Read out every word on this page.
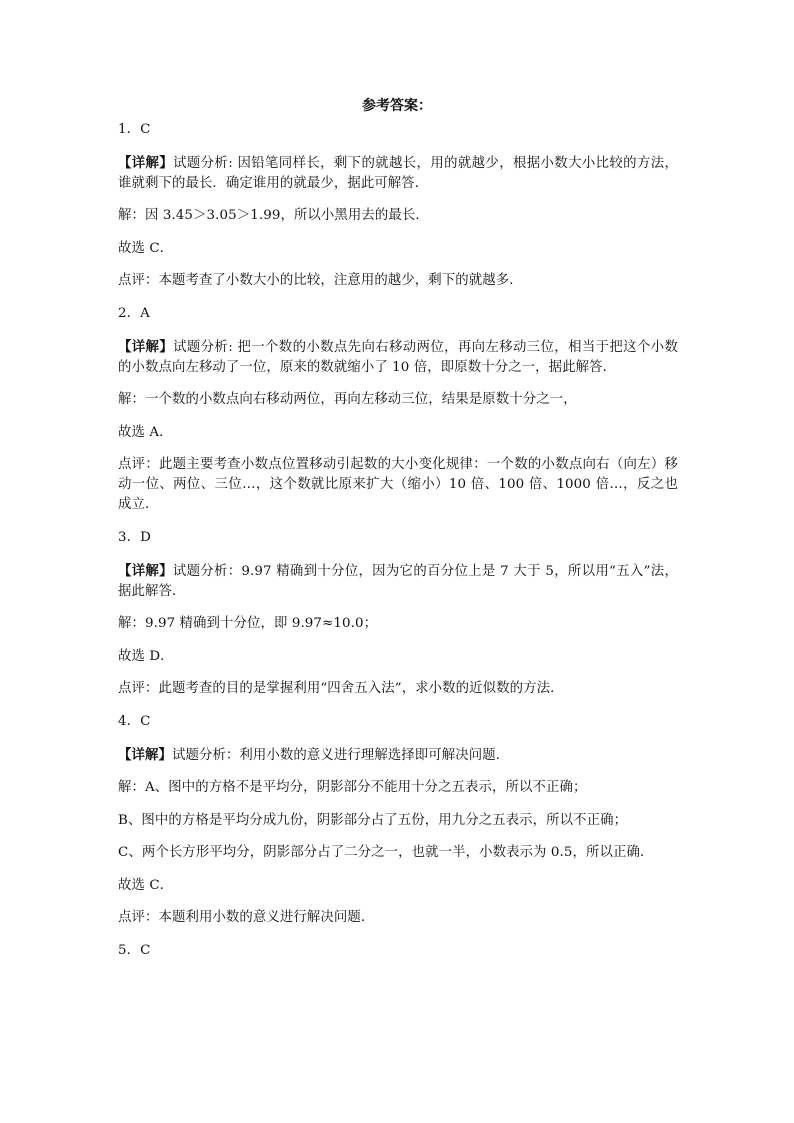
参考答案：

1．C

【详解】试题分析: 因铅笔同样长，剩下的就越长，用的就越少，根据小数大小比较的方法，谁就剩下的最长．确定谁用的就最少，据此可解答．

解：因 3.45＞3.05＞1.99，所以小黑用去的最长．

故选 C．

点评：本题考查了小数大小的比较，注意用的越少，剩下的就越多．

2．A

【详解】试题分析: 把一个数的小数点先向右移动两位，再向左移动三位，相当于把这个小数的小数点向左移动了一位，原来的数就缩小了 10 倍，即原数十分之一，据此解答．

解：一个数的小数点向右移动两位，再向左移动三位，结果是原数十分之一，

故选 A．

点评：此题主要考查小数点位置移动引起数的大小变化规律：一个数的小数点向右（向左）移动一位、两位、三位…，这个数就比原来扩大（缩小）10 倍、100 倍、1000 倍…，反之也成立．

3．D

【详解】试题分析：9.97 精确到十分位，因为它的百分位上是 7 大于 5，所以用“五入”法，据此解答．

解：9.97 精确到十分位，即 9.97≈10.0；

故选 D．

点评：此题考查的目的是掌握利用“四舍五入法”，求小数的近似数的方法．

4．C

【详解】试题分析：利用小数的意义进行理解选择即可解决问题．

解：A、图中的方格不是平均分，阴影部分不能用十分之五表示，所以不正确；

B、图中的方格是平均分成九份，阴影部分占了五份，用九分之五表示，所以不正确；

C、两个长方形平均分，阴影部分占了二分之一，也就一半，小数表示为 0.5，所以正确．

故选 C．

点评：本题利用小数的意义进行解决问题．

5．C
